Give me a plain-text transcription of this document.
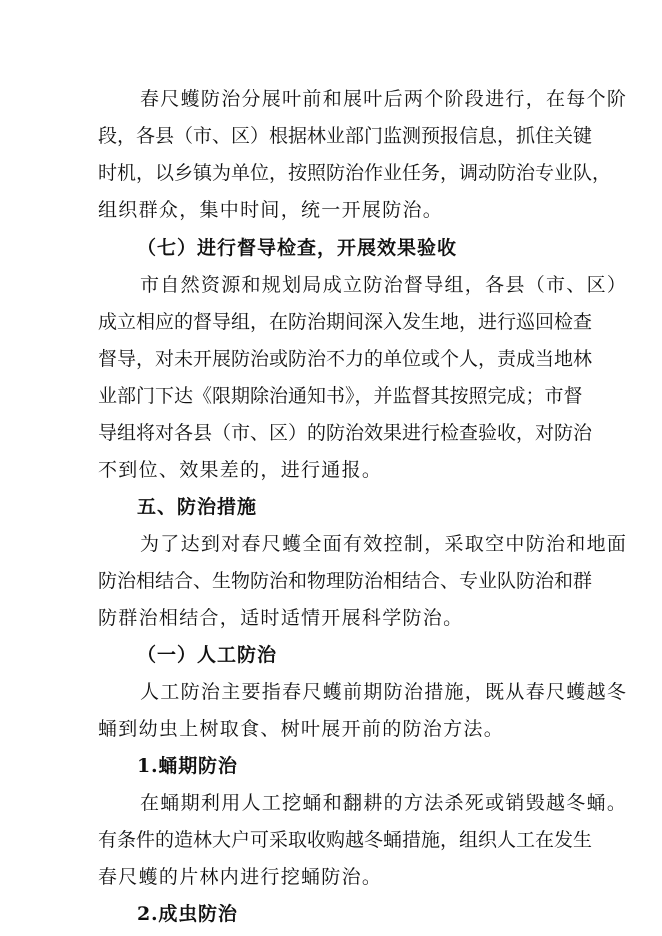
春尺蠖防治分展叶前和展叶后两个阶段进行，在每个阶
段，各县（市、区）根据林业部门监测预报信息，抓住关键
时机，以乡镇为单位，按照防治作业任务，调动防治专业队，
组织群众，集中时间，统一开展防治。
（七）进行督导检查，开展效果验收
市自然资源和规划局成立防治督导组，各县（市、区）
成立相应的督导组，在防治期间深入发生地，进行巡回检查
督导，对未开展防治或防治不力的单位或个人，责成当地林
业部门下达《限期除治通知书》，并监督其按照完成；市督
导组将对各县（市、区）的防治效果进行检查验收，对防治
不到位、效果差的，进行通报。
五、防治措施
为了达到对春尺蠖全面有效控制，采取空中防治和地面
防治相结合、生物防治和物理防治相结合、专业队防治和群
防群治相结合，适时适情开展科学防治。
（一）人工防治
人工防治主要指春尺蠖前期防治措施，既从春尺蠖越冬
蛹到幼虫上树取食、树叶展开前的防治方法。
1.蛹期防治
在蛹期利用人工挖蛹和翻耕的方法杀死或销毁越冬蛹。
有条件的造林大户可采取收购越冬蛹措施，组织人工在发生
春尺蠖的片林内进行挖蛹防治。
2.成虫防治
